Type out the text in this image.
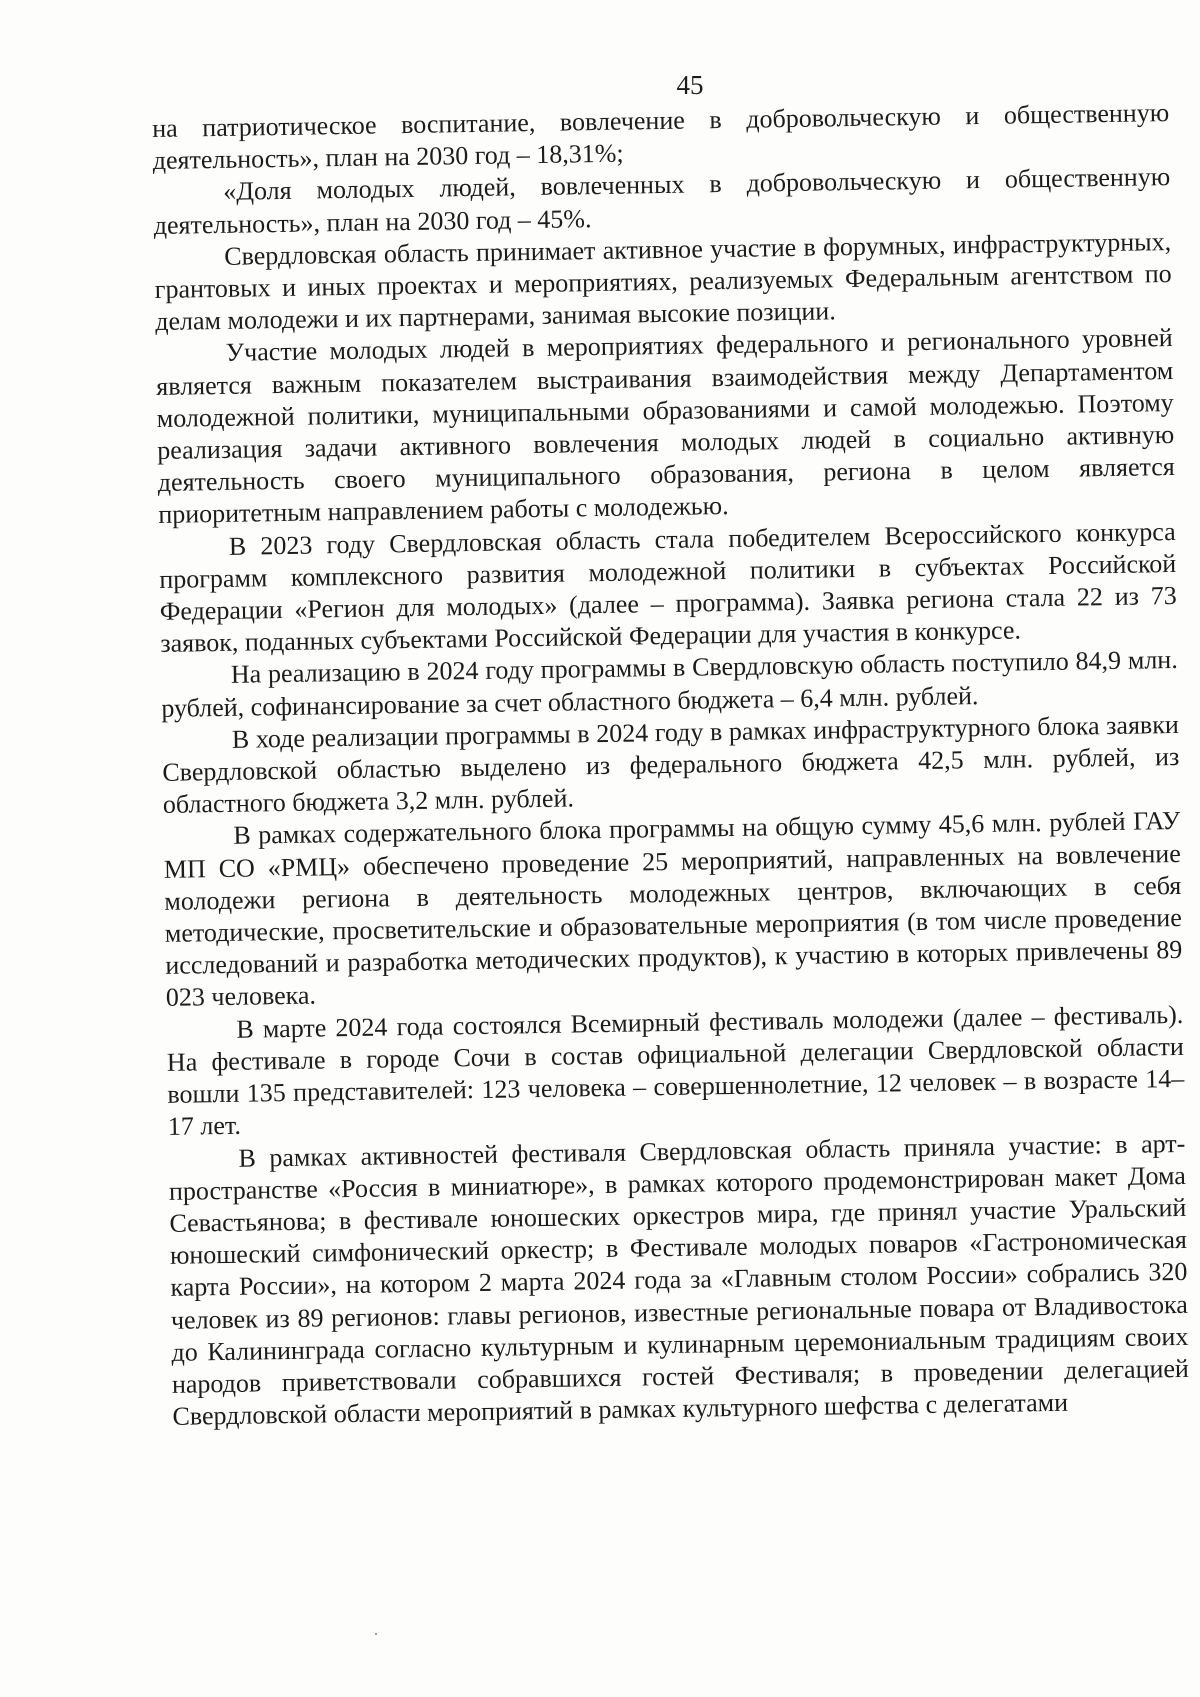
45

на патриотическое воспитание, вовлечение в добровольческую и общественную деятельность», план на 2030 год – 18,31%;

«Доля молодых людей, вовлеченных в добровольческую и общественную деятельность», план на 2030 год – 45%.

Свердловская область принимает активное участие в форумных, инфраструктурных, грантовых и иных проектах и мероприятиях, реализуемых Федеральным агентством по делам молодежи и их партнерами, занимая высокие позиции.

Участие молодых людей в мероприятиях федерального и регионального уровней является важным показателем выстраивания взаимодействия между Департаментом молодежной политики, муниципальными образованиями и самой молодежью. Поэтому реализация задачи активного вовлечения молодых людей в социально активную деятельность своего муниципального образования, региона в целом является приоритетным направлением работы с молодежью.

В 2023 году Свердловская область стала победителем Всероссийского конкурса программ комплексного развития молодежной политики в субъектах Российской Федерации «Регион для молодых» (далее – программа). Заявка региона стала 22 из 73 заявок, поданных субъектами Российской Федерации для участия в конкурсе.

На реализацию в 2024 году программы в Свердловскую область поступило 84,9 млн. рублей, софинансирование за счет областного бюджета – 6,4 млн. рублей.

В ходе реализации программы в 2024 году в рамках инфраструктурного блока заявки Свердловской областью выделено из федерального бюджета 42,5 млн. рублей, из областного бюджета 3,2 млн. рублей.

В рамках содержательного блока программы на общую сумму 45,6 млн. рублей ГАУ МП СО «РМЦ» обеспечено проведение 25 мероприятий, направленных на вовлечение молодежи региона в деятельность молодежных центров, включающих в себя методические, просветительские и образовательные мероприятия (в том числе проведение исследований и разработка методических продуктов), к участию в которых привлечены 89 023 человека.

В марте 2024 года состоялся Всемирный фестиваль молодежи (далее – фестиваль). На фестивале в городе Сочи в состав официальной делегации Свердловской области вошли 135 представителей: 123 человека – совершеннолетние, 12 человек – в возрасте 14–17 лет.

В рамках активностей фестиваля Свердловская область приняла участие: в арт-пространстве «Россия в миниатюре», в рамках которого продемонстрирован макет Дома Севастьянова; в фестивале юношеских оркестров мира, где принял участие Уральский юношеский симфонический оркестр; в Фестивале молодых поваров «Гастрономическая карта России», на котором 2 марта 2024 года за «Главным столом России» собрались 320 человек из 89 регионов: главы регионов, известные региональные повара от Владивостока до Калининграда согласно культурным и кулинарным церемониальным традициям своих народов приветствовали собравшихся гостей Фестиваля; в проведении делегацией Свердловской области мероприятий в рамках культурного шефства с делегатами
